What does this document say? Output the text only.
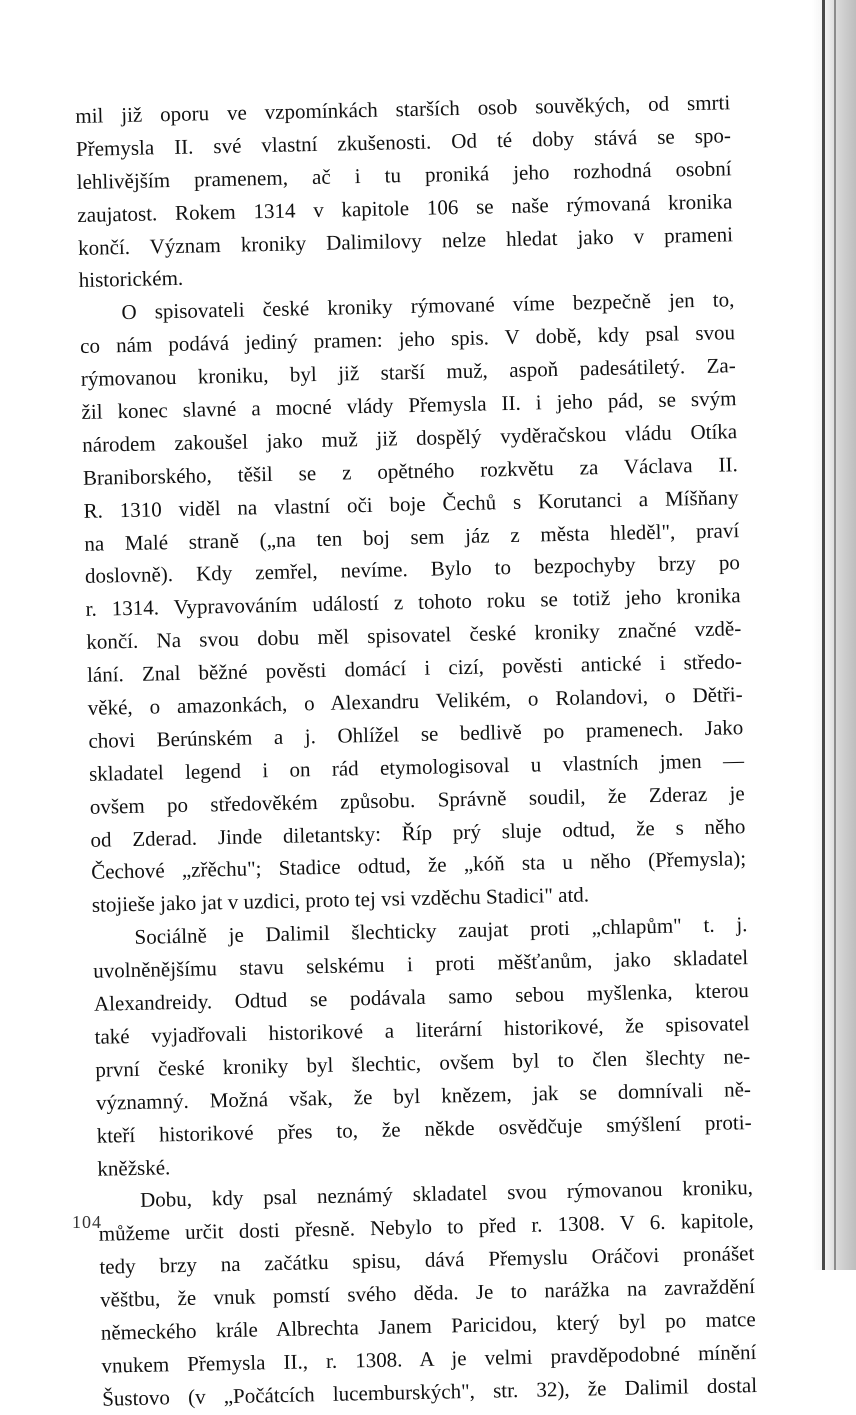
mil již oporu ve vzpomínkách starších osob souvěkých, od smrti
Přemysla II. své vlastní zkušenosti. Od té doby stává se spo-
lehlivějším pramenem, ač i tu proniká jeho rozhodná osobní
zaujatost. Rokem 1314 v kapitole 106 se naše rýmovaná kronika
končí. Význam kroniky Dalimilovy nelze hledat jako v prameni
historickém.
O spisovateli české kroniky rýmované víme bezpečně jen to,
co nám podává jediný pramen: jeho spis. V době, kdy psal svou
rýmovanou kroniku, byl již starší muž, aspoň padesátiletý. Za-
žil konec slavné a mocné vlády Přemysla II. i jeho pád, se svým
národem zakoušel jako muž již dospělý vyděračskou vládu Otíka
Braniborského, těšil se z opětného rozkvětu za Václava II.
R. 1310 viděl na vlastní oči boje Čechů s Korutanci a Míšňany
na Malé straně („na ten boj sem jáz z města hleděl", praví
doslovně). Kdy zemřel, nevíme. Bylo to bezpochyby brzy po
r. 1314. Vypravováním událostí z tohoto roku se totiž jeho kronika
končí. Na svou dobu měl spisovatel české kroniky značné vzdě-
lání. Znal běžné pověsti domácí i cizí, pověsti antické i středo-
věké, o amazonkách, o Alexandru Velikém, o Rolandovi, o Dětři-
chovi Berúnském a j. Ohlížel se bedlivě po pramenech. Jako
skladatel legend i on rád etymologisoval u vlastních jmen —
ovšem po středověkém způsobu. Správně soudil, že Zderaz je
od Zderad. Jinde diletantsky: Říp prý sluje odtud, že s něho
Čechové „zřěchu"; Stadice odtud, že „kóň sta u něho (Přemysla);
stojieše jako jat v uzdici, proto tej vsi vzděchu Stadici" atd.
Sociálně je Dalimil šlechticky zaujat proti „chlapům" t. j.
uvolněnějšímu stavu selskému i proti měšťanům, jako skladatel
Alexandreidy. Odtud se podávala samo sebou myšlenka, kterou
také vyjadřovali historikové a literární historikové, že spisovatel
první české kroniky byl šlechtic, ovšem byl to člen šlechty ne-
významný. Možná však, že byl knězem, jak se domnívali ně-
kteří historikové přes to, že někde osvědčuje smýšlení proti-
kněžské.
Dobu, kdy psal neznámý skladatel svou rýmovanou kroniku,
můžeme určit dosti přesně. Nebylo to před r. 1308. V 6. kapitole,
tedy brzy na začátku spisu, dává Přemyslu Oráčovi pronášet
věštbu, že vnuk pomstí svého děda. Je to narážka na zavraždění
německého krále Albrechta Janem Paricidou, který byl po matce
vnukem Přemysla II., r. 1308. A je velmi pravděpodobné mínění
Šustovo (v „Počátcích lucemburských", str. 32), že Dalimil dostal
104
